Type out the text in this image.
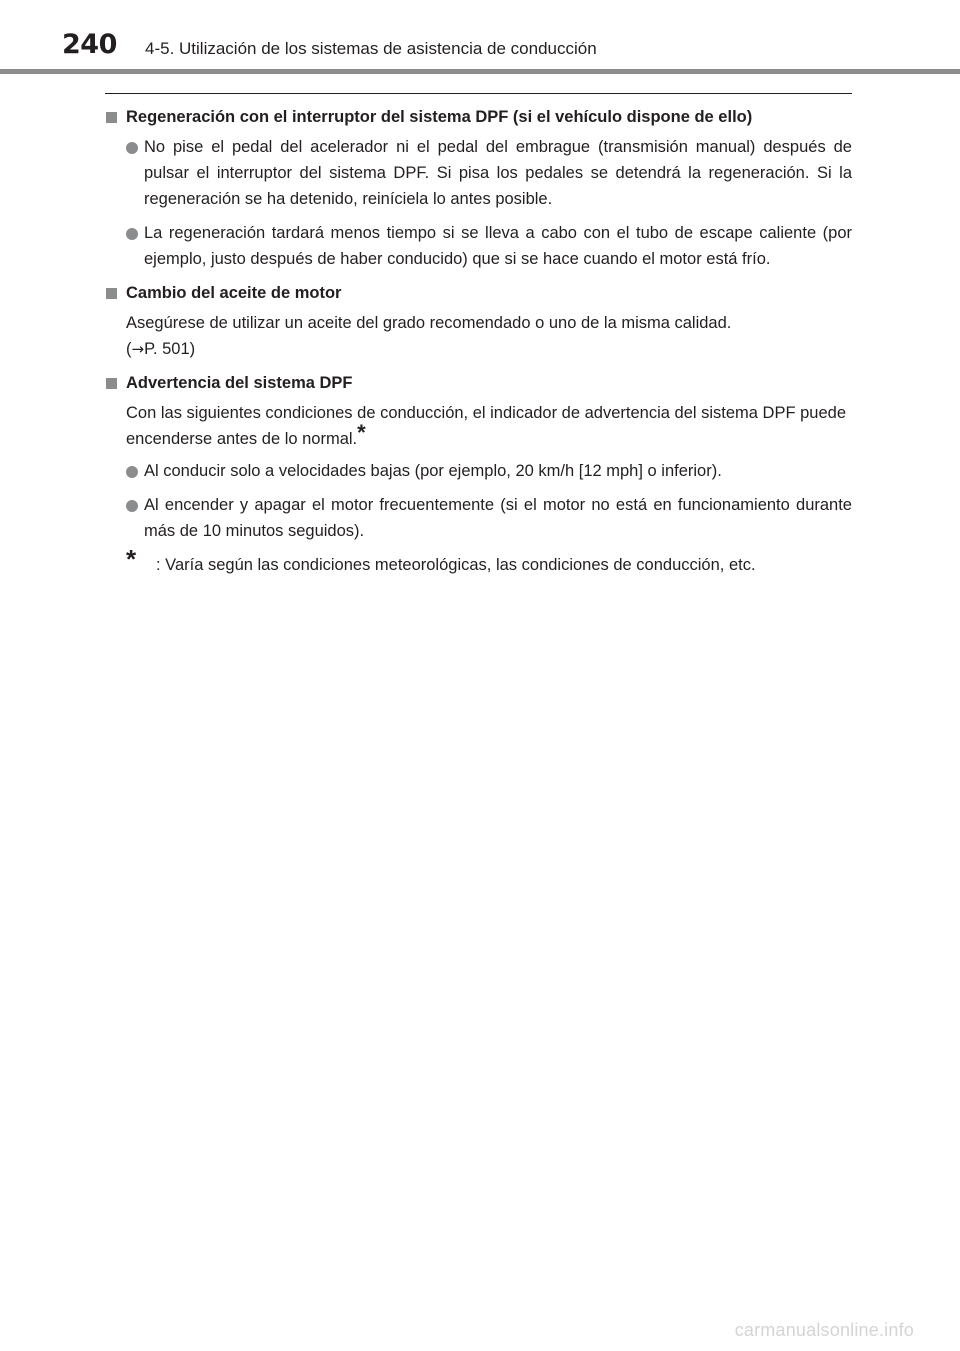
240 4-5. Utilización de los sistemas de asistencia de conducción
Regeneración con el interruptor del sistema DPF (si el vehículo dispone de ello)
No pise el pedal del acelerador ni el pedal del embrague (transmisión manual) después de pulsar el interruptor del sistema DPF. Si pisa los pedales se detendrá la regeneración. Si la regeneración se ha detenido, reiníciela lo antes posible.
La regeneración tardará menos tiempo si se lleva a cabo con el tubo de escape caliente (por ejemplo, justo después de haber conducido) que si se hace cuando el motor está frío.
Cambio del aceite de motor
Asegúrese de utilizar un aceite del grado recomendado o uno de la misma calidad.
(→P. 501)
Advertencia del sistema DPF
Con las siguientes condiciones de conducción, el indicador de advertencia del sistema DPF puede encenderse antes de lo normal.*
Al conducir solo a velocidades bajas (por ejemplo, 20 km/h [12 mph] o inferior).
Al encender y apagar el motor frecuentemente (si el motor no está en funcionamiento durante más de 10 minutos seguidos).
* : Varía según las condiciones meteorológicas, las condiciones de conducción, etc.
carmanualsonline.info
